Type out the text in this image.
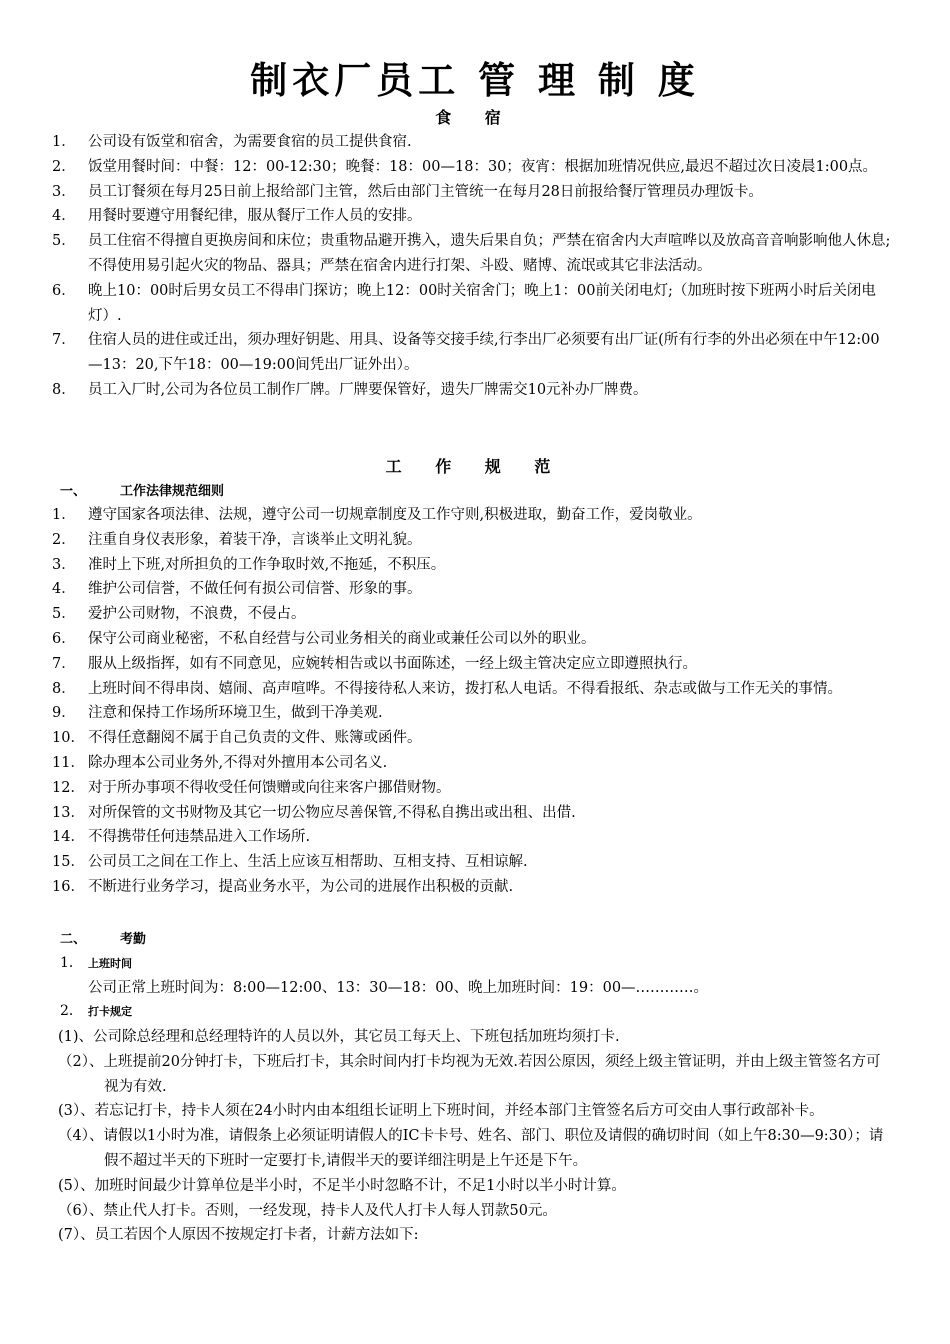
制衣厂员工 管 理 制 度
食 宿
1． 公司设有饭堂和宿舍，为需要食宿的员工提供食宿.
2． 饭堂用餐时间：中餐：12：00-12:30；晚餐：18：00—18：30；夜宵：根据加班情况供应,最迟不超过次日凌晨1:00点。
3． 员工订餐须在每月25日前上报给部门主管，然后由部门主管统一在每月28日前报给餐厅管理员办理饭卡。
4． 用餐时要遵守用餐纪律，服从餐厅工作人员的安排。
5． 员工住宿不得擅自更换房间和床位；贵重物品避开携入，遗失后果自负；严禁在宿舍内大声喧哗以及放高音音响影响他人休息;不得使用易引起火灾的物品、器具；严禁在宿舍内进行打架、斗殴、赌博、流氓或其它非法活动。
6． 晚上10：00时后男女员工不得串门探访；晚上12：00时关宿舍门；晚上1：00前关闭电灯;（加班时按下班两小时后关闭电灯）.
7． 住宿人员的进住或迁出，须办理好钥匙、用具、设备等交接手续,行李出厂必须要有出厂证(所有行李的外出必须在中午12:00—13：20,下午18：00—19:00间凭出厂证外出）。
8． 员工入厂时,公司为各位员工制作厂牌。厂牌要保管好，遗失厂牌需交10元补办厂牌费。
工 作 规 范
一、	工作法律规范细则
1． 遵守国家各项法律、法规，遵守公司一切规章制度及工作守则,积极进取，勤奋工作，爱岗敬业。
2． 注重自身仪表形象，着装干净，言谈举止文明礼貌。
3． 准时上下班,对所担负的工作争取时效,不拖延，不积压。
4． 维护公司信誉，不做任何有损公司信誉、形象的事。
5． 爱护公司财物，不浪费，不侵占。
6． 保守公司商业秘密，不私自经营与公司业务相关的商业或兼任公司以外的职业。
7． 服从上级指挥，如有不同意见，应婉转相告或以书面陈述，一经上级主管决定应立即遵照执行。
8． 上班时间不得串岗、嬉闹、高声喧哗。不得接待私人来访，拨打私人电话。不得看报纸、杂志或做与工作无关的事情。
9． 注意和保持工作场所环境卫生，做到干净美观.
10． 不得任意翻阅不属于自己负责的文件、账簿或函件。
11． 除办理本公司业务外,不得对外擅用本公司名义.
12． 对于所办事项不得收受任何馈赠或向往来客户挪借财物。
13． 对所保管的文书财物及其它一切公物应尽善保管,不得私自携出或出租、出借.
14． 不得携带任何违禁品进入工作场所.
15． 公司员工之间在工作上、生活上应该互相帮助、互相支持、互相谅解.
16． 不断进行业务学习，提高业务水平，为公司的进展作出积极的贡献.
二、	考勤
1． 上班时间
公司正常上班时间为：8:00—12:00、13：30—18：00、晚上加班时间：19：00—…………。
2． 打卡规定
(1)、公司除总经理和总经理特许的人员以外，其它员工每天上、下班包括加班均须打卡.
（2）、上班提前20分钟打卡，下班后打卡，其余时间内打卡均视为无效.若因公原因，须经上级主管证明，并由上级主管签名方可视为有效.
(3）、若忘记打卡，持卡人须在24小时内由本组组长证明上下班时间，并经本部门主管签名后方可交由人事行政部补卡。
（4）、请假以1小时为准，请假条上必须证明请假人的IC卡卡号、姓名、部门、职位及请假的确切时间（如上午8:30—9:30）；请假不超过半天的下班时一定要打卡,请假半天的要详细注明是上午还是下午。
(5）、加班时间最少计算单位是半小时，不足半小时忽略不计，不足1小时以半小时计算。
（6）、禁止代人打卡。否则，一经发现，持卡人及代人打卡人每人罚款50元。
(7）、员工若因个人原因不按规定打卡者，计薪方法如下:
